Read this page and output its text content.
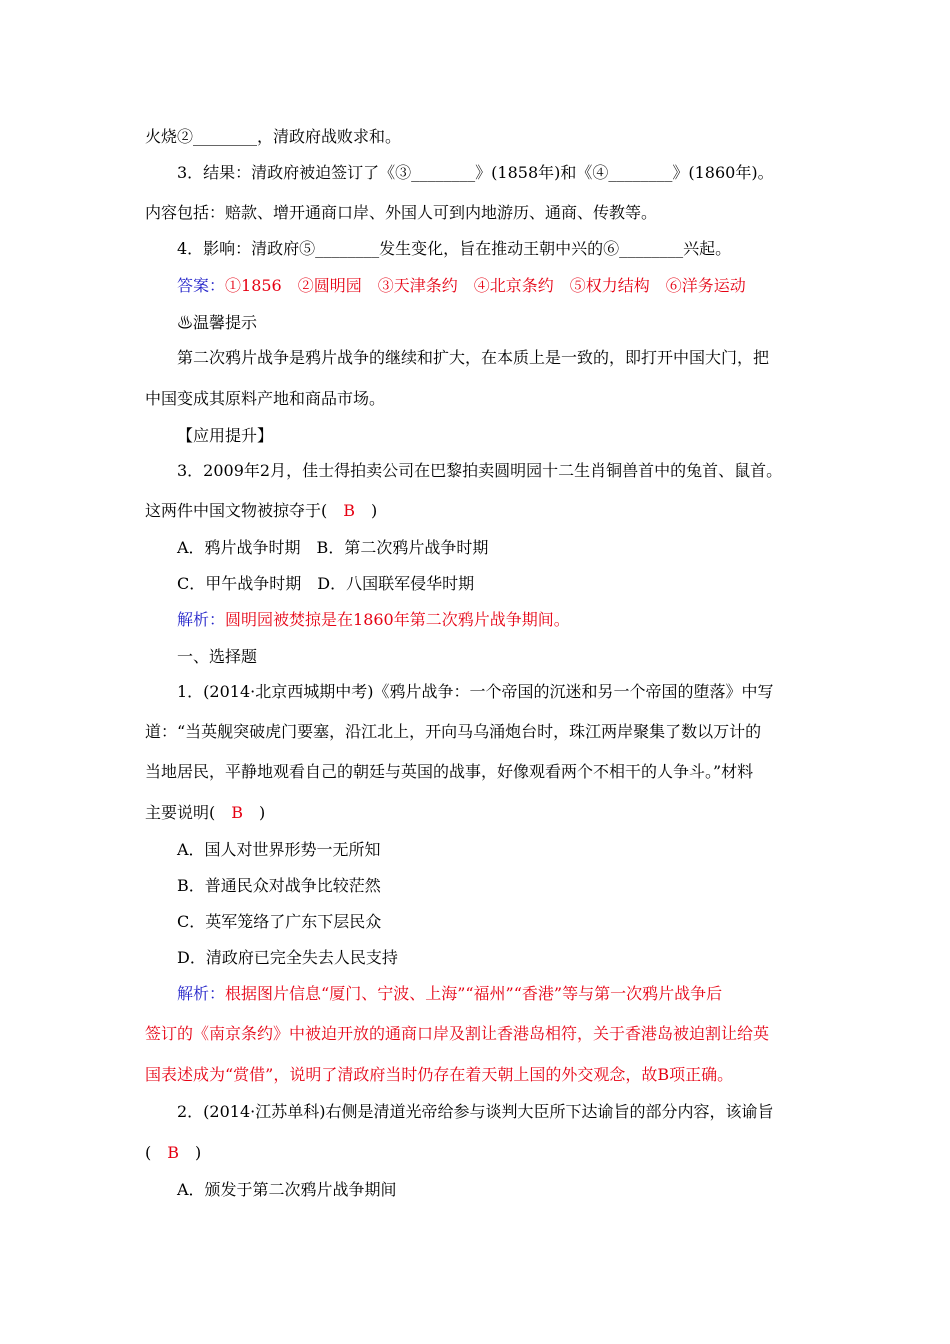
火烧②________，清政府战败求和。
3．结果：清政府被迫签订了《③________》(1858年)和《④________》(1860年)。
内容包括：赔款、增开通商口岸、外国人可到内地游历、通商、传教等。
4．影响：清政府⑤________发生变化，旨在推动王朝中兴的⑥________兴起。
答案：①1856　②圆明园　③天津条约　④北京条约　⑤权力结构　⑥洋务运动
♨温馨提示
第二次鸦片战争是鸦片战争的继续和扩大，在本质上是一致的，即打开中国大门，把
中国变成其原料产地和商品市场。
【应用提升】
3．2009年2月，佳士得拍卖公司在巴黎拍卖圆明园十二生肖铜兽首中的兔首、鼠首。
这两件中国文物被掠夺于(　B　)
A．鸦片战争时期　B．第二次鸦片战争时期
C．甲午战争时期　D．八国联军侵华时期
解析：圆明园被焚掠是在1860年第二次鸦片战争期间。
一、选择题
1．(2014·北京西城期中考)《鸦片战争：一个帝国的沉迷和另一个帝国的堕落》中写
道：“当英舰突破虎门要塞，沿江北上，开向马乌涌炮台时，珠江两岸聚集了数以万计的
当地居民，平静地观看自己的朝廷与英国的战事，好像观看两个不相干的人争斗。”材料
主要说明(　B　)
A．国人对世界形势一无所知
B．普通民众对战争比较茫然
C．英军笼络了广东下层民众
D．清政府已完全失去人民支持
解析：根据图片信息“厦门、宁波、上海”“福州”“香港”等与第一次鸦片战争后
签订的《南京条约》中被迫开放的通商口岸及割让香港岛相符，关于香港岛被迫割让给英
国表述成为“赏借”，说明了清政府当时仍存在着天朝上国的外交观念，故B项正确。
2．(2014·江苏单科)右侧是清道光帝给参与谈判大臣所下达谕旨的部分内容，该谕旨
(　B　)
A．颁发于第二次鸦片战争期间
